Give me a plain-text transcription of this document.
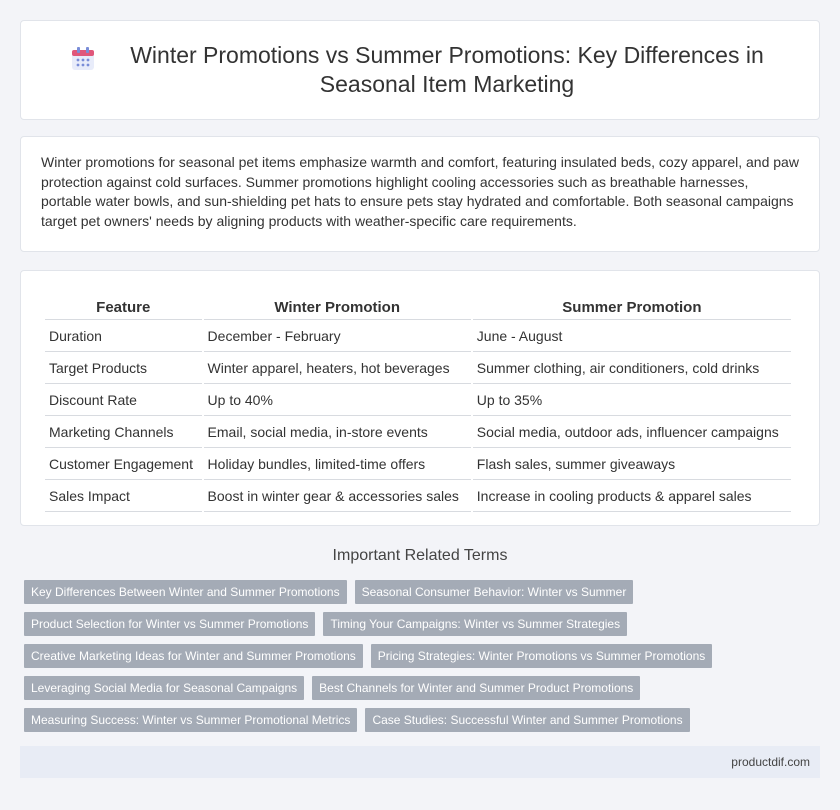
Winter Promotions vs Summer Promotions: Key Differences in Seasonal Item Marketing

Winter promotions for seasonal pet items emphasize warmth and comfort, featuring insulated beds, cozy apparel, and paw protection against cold surfaces. Summer promotions highlight cooling accessories such as breathable harnesses, portable water bowls, and sun-shielding pet hats to ensure pets stay hydrated and comfortable. Both seasonal campaigns target pet owners' needs by aligning products with weather-specific care requirements.

Feature	Winter Promotion	Summer Promotion
Duration	December - February	June - August
Target Products	Winter apparel, heaters, hot beverages	Summer clothing, air conditioners, cold drinks
Discount Rate	Up to 40%	Up to 35%
Marketing Channels	Email, social media, in-store events	Social media, outdoor ads, influencer campaigns
Customer Engagement	Holiday bundles, limited-time offers	Flash sales, summer giveaways
Sales Impact	Boost in winter gear & accessories sales	Increase in cooling products & apparel sales
Important Related Terms
Key Differences Between Winter and Summer Promotions	Seasonal Consumer Behavior: Winter vs Summer
Product Selection for Winter vs Summer Promotions	Timing Your Campaigns: Winter vs Summer Strategies
Creative Marketing Ideas for Winter and Summer Promotions	Pricing Strategies: Winter Promotions vs Summer Promotions
Leveraging Social Media for Seasonal Campaigns	Best Channels for Winter and Summer Product Promotions
Measuring Success: Winter vs Summer Promotional Metrics	Case Studies: Successful Winter and Summer Promotions
productdif.com
